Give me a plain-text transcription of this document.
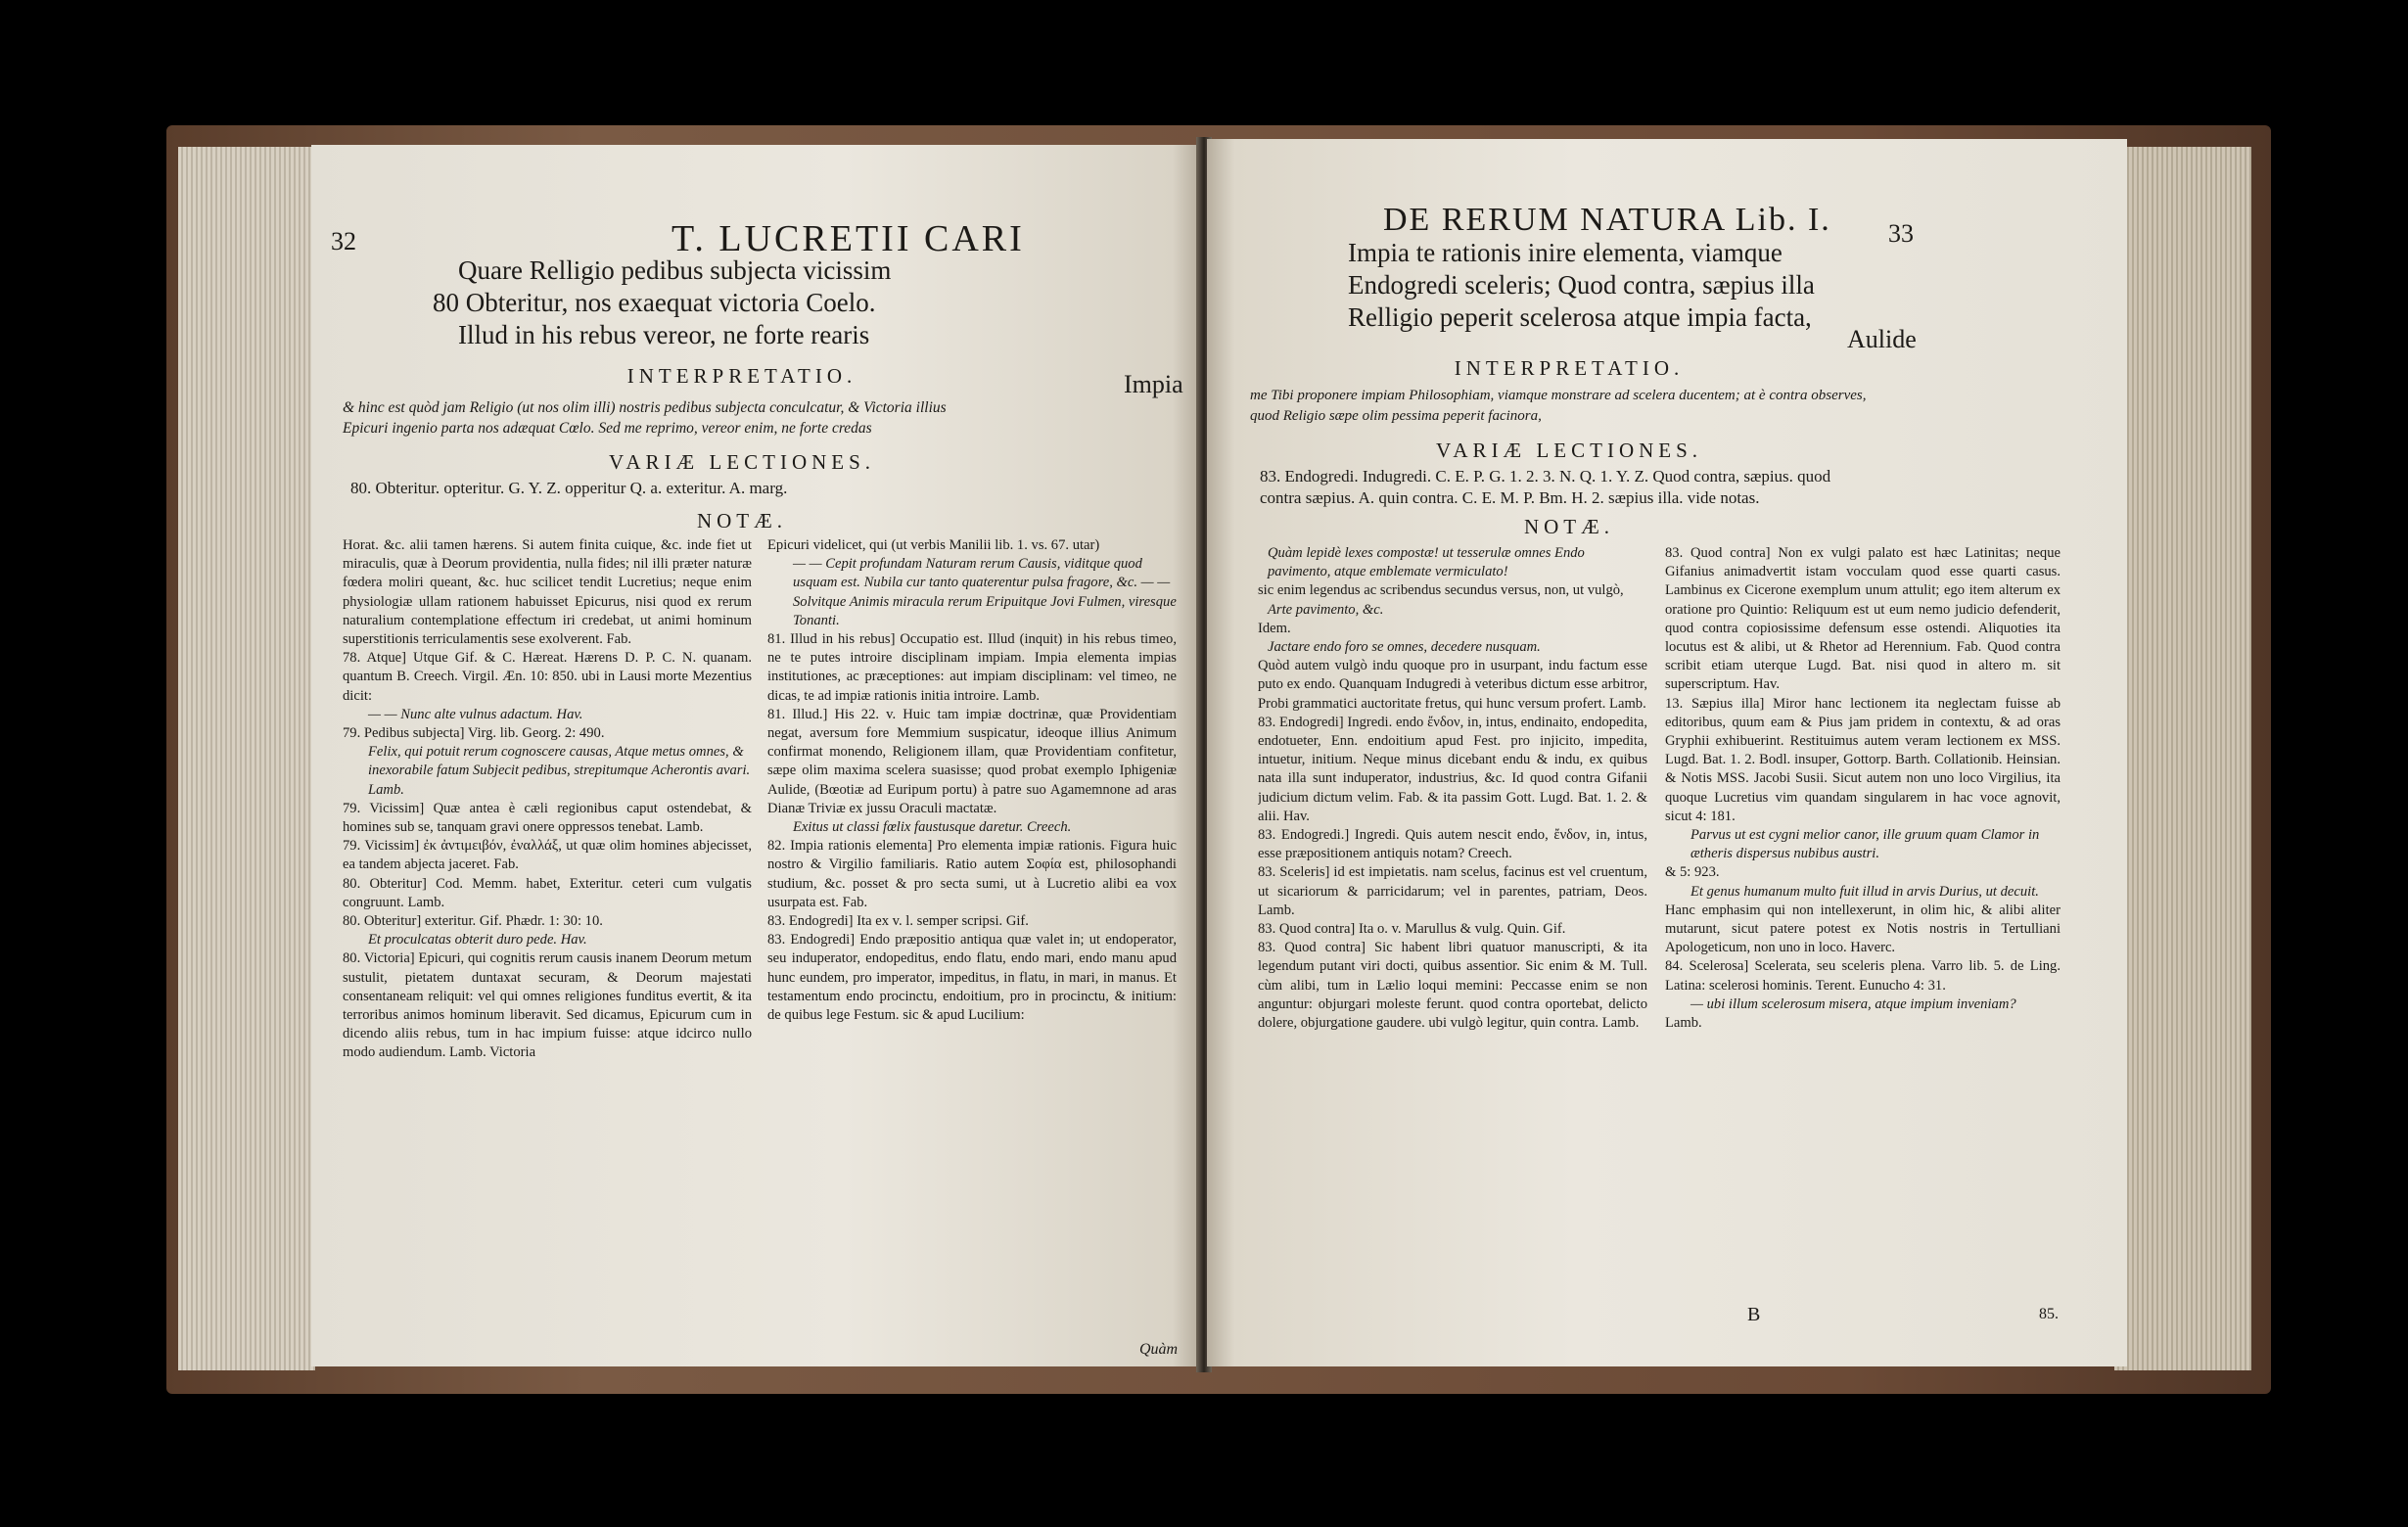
32	T. LUCRETII CARI
Quare Relligio pedibus subjecta vicissim
80 Obteritur, nos exaequat victoria Coelo.
Illud in his rebus vereor, ne forte rearis
Impia
INTERPRETATIO.
& hinc est quòd jam Religio (ut nos olim illi) nostris pedibus subjecta conculcatur, & Victoria illius
Epicuri ingenio parta nos adæquat Cœlo. Sed me reprimo, vereor enim, ne forte credas
VARIÆ LECTIONES.
80. Obteritur. opteritur. G. Y. Z. opperitur Q. a. exteritur. A. marg.
NOTÆ.

Horat. &c. alii tamen hærens. Si autem finita cuique, &c. inde fiet ut miraculis, quæ à Deorum providentia, nulla fides; nil illi præter naturæ fœdera moliri queant, &c. huc scilicet tendit Lucretius; neque enim physiologiæ ullam rationem habuisset Epicurus, nisi quod ex rerum naturalium contemplatione effectum iri credebat, ut animi hominum superstitionis terriculamentis sese exolverent. Fab.

78. Atque] Utque Gif. & C. Hæreat. Hærens D. P. C. N. quanam. quantum B. Creech. Virgil. Æn. 10: 850. ubi in Lausi morte Mezentius dicit:

— — Nunc alte vulnus adactum. Hav.

79. Pedibus subjecta] Virg. lib. Georg. 2: 490.

Felix, qui potuit rerum cognoscere causas, Atque metus omnes, & inexorabile fatum Subjecit pedibus, strepitumque Acherontis avari. Lamb.

79. Vicissim] Quæ antea è cæli regionibus caput ostendebat, & homines sub se, tanquam gravi onere oppressos tenebat. Lamb.

79. Vicissim] ἐκ ἀντιμειβόν, ἐναλλάξ, ut quæ olim homines abjecisset, ea tandem abjecta jaceret. Fab.

80. Obteritur] Cod. Memm. habet, Exteritur. ceteri cum vulgatis congruunt. Lamb.

80. Obteritur] exteritur. Gif. Phædr. 1: 30: 10.

Et proculcatas obterit duro pede. Hav.

80. Victoria] Epicuri, qui cognitis rerum causis inanem Deorum metum sustulit, pietatem duntaxat securam, & Deorum majestati consentaneam reliquit: vel qui omnes religiones funditus evertit, & ita terroribus animos hominum liberavit. Sed dicamus, Epicurum cum in dicendo aliis rebus, tum in hac impium fuisse: atque idcirco nullo modo audiendum. Lamb. Victoria

Epicuri videlicet, qui (ut verbis Manilii lib. 1. vs. 67. utar)

— — Cepit profundam Naturam rerum Causis, viditque quod usquam est. Nubila cur tanto quaterentur pulsa fragore, &c. — — Solvitque Animis miracula rerum Eripuitque Jovi Fulmen, viresque Tonanti.

81. Illud in his rebus] Occupatio est. Illud (inquit) in his rebus timeo, ne te putes introire disciplinam impiam. Impia elementa impias institutiones, ac præceptiones: aut impiam disciplinam: vel timeo, ne dicas, te ad impiæ rationis initia introire. Lamb.

81. Illud.] His 22. v. Huic tam impiæ doctrinæ, quæ Providentiam negat, aversum fore Memmium suspicatur, ideoque illius Animum confirmat monendo, Religionem illam, quæ Providentiam confitetur, sæpe olim maxima scelera suasisse; quod probat exemplo Iphigeniæ Aulide, (Bœotiæ ad Euripum portu) à patre suo Agamemnone ad aras Dianæ Triviæ ex jussu Oraculi mactatæ.

Exitus ut classi fœlix faustusque daretur. Creech.

82. Impia rationis elementa] Pro elementa impiæ rationis. Figura huic nostro & Virgilio familiaris. Ratio autem Σοφία est, philosophandi studium, &c. posset & pro secta sumi, ut à Lucretio alibi ea vox usurpata est. Fab.

83. Endogredi] Ita ex v. l. semper scripsi. Gif.

83. Endogredi] Endo præpositio antiqua quæ valet in; ut endoperator, seu induperator, endopeditus, endo flatu, endo mari, endo manu apud hunc eundem, pro imperator, impeditus, in flatu, in mari, in manus. Et testamentum endo procinctu, endoitium, pro in procinctu, & initium: de quibus lege Festum. sic & apud Lucilium:

Quàm
DE RERUM NATURA Lib. I. 33
Impia te rationis inire elementa, viamque
Endogredi sceleris; Quod contra, sæpius illa
Relligio peperit scelerosa atque impia facta,
Aulide
INTERPRETATIO.
me Tibi proponere impiam Philosophiam, viamque monstrare ad scelera ducentem; at è contra observes,
quod Religio sæpe olim pessima peperit facinora,
VARIÆ LECTIONES.
83. Endogredi. Indugredi. C. E. P. G. 1. 2. 3. N. Q. 1. Y. Z. Quod contra, sæpius. quod
contra sæpius. A. quin contra. C. E. M. P. Bm. H. 2. sæpius illa. vide notas.
NOTÆ.

Quàm lepidè lexes compostæ! ut tesserulæ omnes Endo pavimento, atque emblemate vermiculato!

sic enim legendus ac scribendus secundus versus, non, ut vulgò,

Arte pavimento, &c.

Idem.

Jactare endo foro se omnes, decedere nusquam.

Quòd autem vulgò indu quoque pro in usurpant, indu factum esse puto ex endo. Quanquam Indugredi à veteribus dictum esse arbitror, Probi grammatici auctoritate fretus, qui hunc versum profert. Lamb.

83. Endogredi] Ingredi. endo ἔνδον, in, intus, endinaito, endopedita, endotueter, Enn. endoitium apud Fest. pro injicito, impedita, intuetur, initium. Neque minus dicebant endu & indu, ex quibus nata illa sunt induperator, industrius, &c. Id quod contra Gifanii judicium dictum velim. Fab. & ita passim Gott. Lugd. Bat. 1. 2. & alii. Hav.

83. Endogredi.] Ingredi. Quis autem nescit endo, ἔνδον, in, intus, esse præpositionem antiquis notam? Creech.

83. Sceleris] id est impietatis. nam scelus, facinus est vel cruentum, ut sicariorum & parricidarum; vel in parentes, patriam, Deos. Lamb.

83. Quod contra] Ita o. v. Marullus & vulg. Quin. Gif.

83. Quod contra] Sic habent libri quatuor manuscripti, & ita legendum putant viri docti, quibus assentior. Sic enim & M. Tull. cùm alibi, tum in Lælio loqui memini: Peccasse enim se non anguntur: objurgari moleste ferunt. quod contra oportebat, delicto dolere, objurgatione gaudere. ubi vulgò legitur, quin contra. Lamb.

83. Quod contra] Non ex vulgi palato est hæc Latinitas; neque Gifanius animadvertit istam vocculam quod esse quarti casus. Lambinus ex Cicerone exemplum unum attulit; ego item alterum ex oratione pro Quintio: Reliquum est ut eum nemo judicio defenderit, quod contra copiosissime defensum esse ostendi. Aliquoties ita locutus est & alibi, ut & Rhetor ad Herennium. Fab. Quod contra scribit etiam uterque Lugd. Bat. nisi quod in altero m. sit superscriptum. Hav.

13. Sæpius illa] Miror hanc lectionem ita neglectam fuisse ab editoribus, quum eam & Pius jam pridem in contextu, & ad oras Gryphii exhibuerint. Restituimus autem veram lectionem ex MSS. Lugd. Bat. 1. 2. Bodl. insuper, Gottorp. Barth. Collationib. Heinsian. & Notis MSS. Jacobi Susii. Sicut autem non uno loco Virgilius, ita quoque Lucretius vim quandam singularem in hac voce agnovit, sicut 4: 181.

Parvus ut est cygni melior canor, ille gruum quam Clamor in ætheris dispersus nubibus austri.

& 5: 923.

Et genus humanum multo fuit illud in arvis Durius, ut decuit.

Hanc emphasim qui non intellexerunt, in olim hic, & alibi aliter mutarunt, sicut patere potest ex Notis nostris in Tertulliani Apologeticum, non uno in loco. Haverc.

84. Scelerosa] Scelerata, seu sceleris plena. Varro lib. 5. de Ling. Latina: scelerosi hominis. Terent. Eunucho 4: 31.

— ubi illum scelerosum misera, atque impium inveniam?

Lamb.

B	85.
